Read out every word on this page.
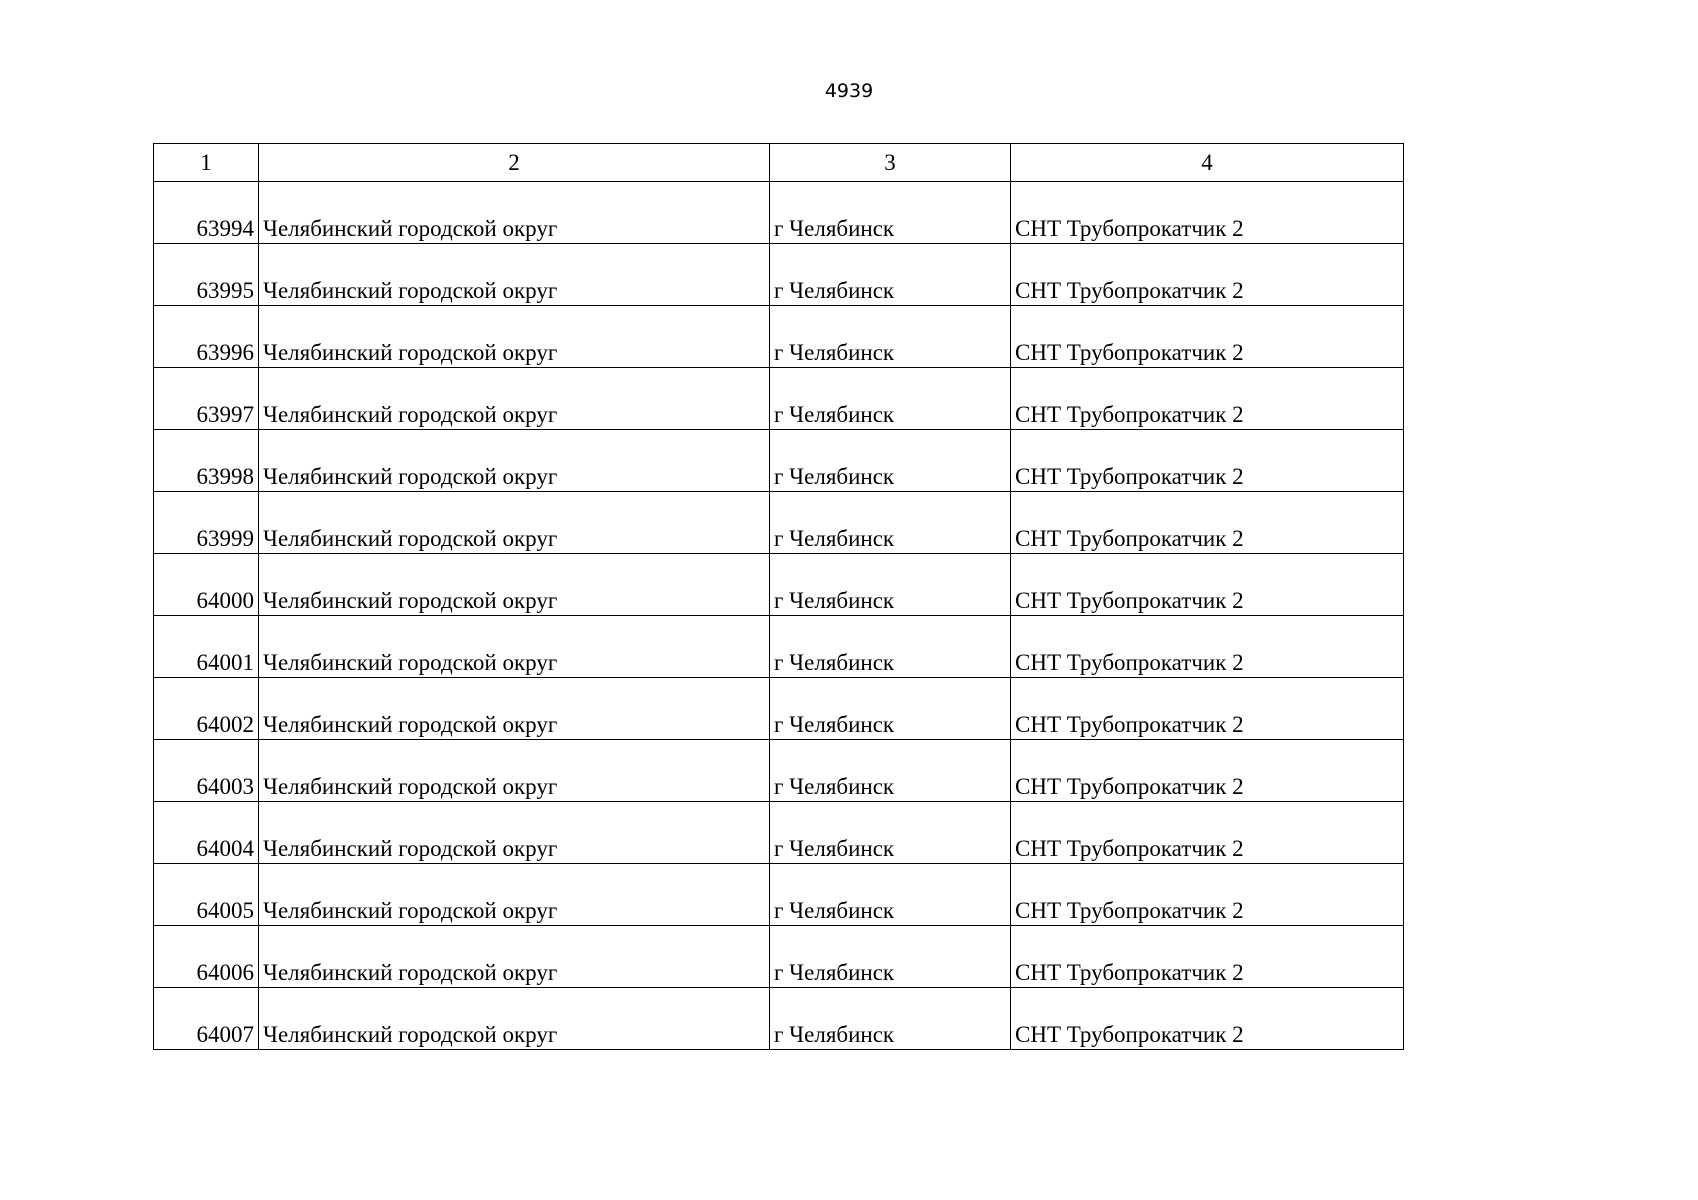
4939
1	2	3	4
63994	Челябинский городской округ	г Челябинск	СНТ Трубопрокатчик 2
63995	Челябинский городской округ	г Челябинск	СНТ Трубопрокатчик 2
63996	Челябинский городской округ	г Челябинск	СНТ Трубопрокатчик 2
63997	Челябинский городской округ	г Челябинск	СНТ Трубопрокатчик 2
63998	Челябинский городской округ	г Челябинск	СНТ Трубопрокатчик 2
63999	Челябинский городской округ	г Челябинск	СНТ Трубопрокатчик 2
64000	Челябинский городской округ	г Челябинск	СНТ Трубопрокатчик 2
64001	Челябинский городской округ	г Челябинск	СНТ Трубопрокатчик 2
64002	Челябинский городской округ	г Челябинск	СНТ Трубопрокатчик 2
64003	Челябинский городской округ	г Челябинск	СНТ Трубопрокатчик 2
64004	Челябинский городской округ	г Челябинск	СНТ Трубопрокатчик 2
64005	Челябинский городской округ	г Челябинск	СНТ Трубопрокатчик 2
64006	Челябинский городской округ	г Челябинск	СНТ Трубопрокатчик 2
64007	Челябинский городской округ	г Челябинск	СНТ Трубопрокатчик 2
